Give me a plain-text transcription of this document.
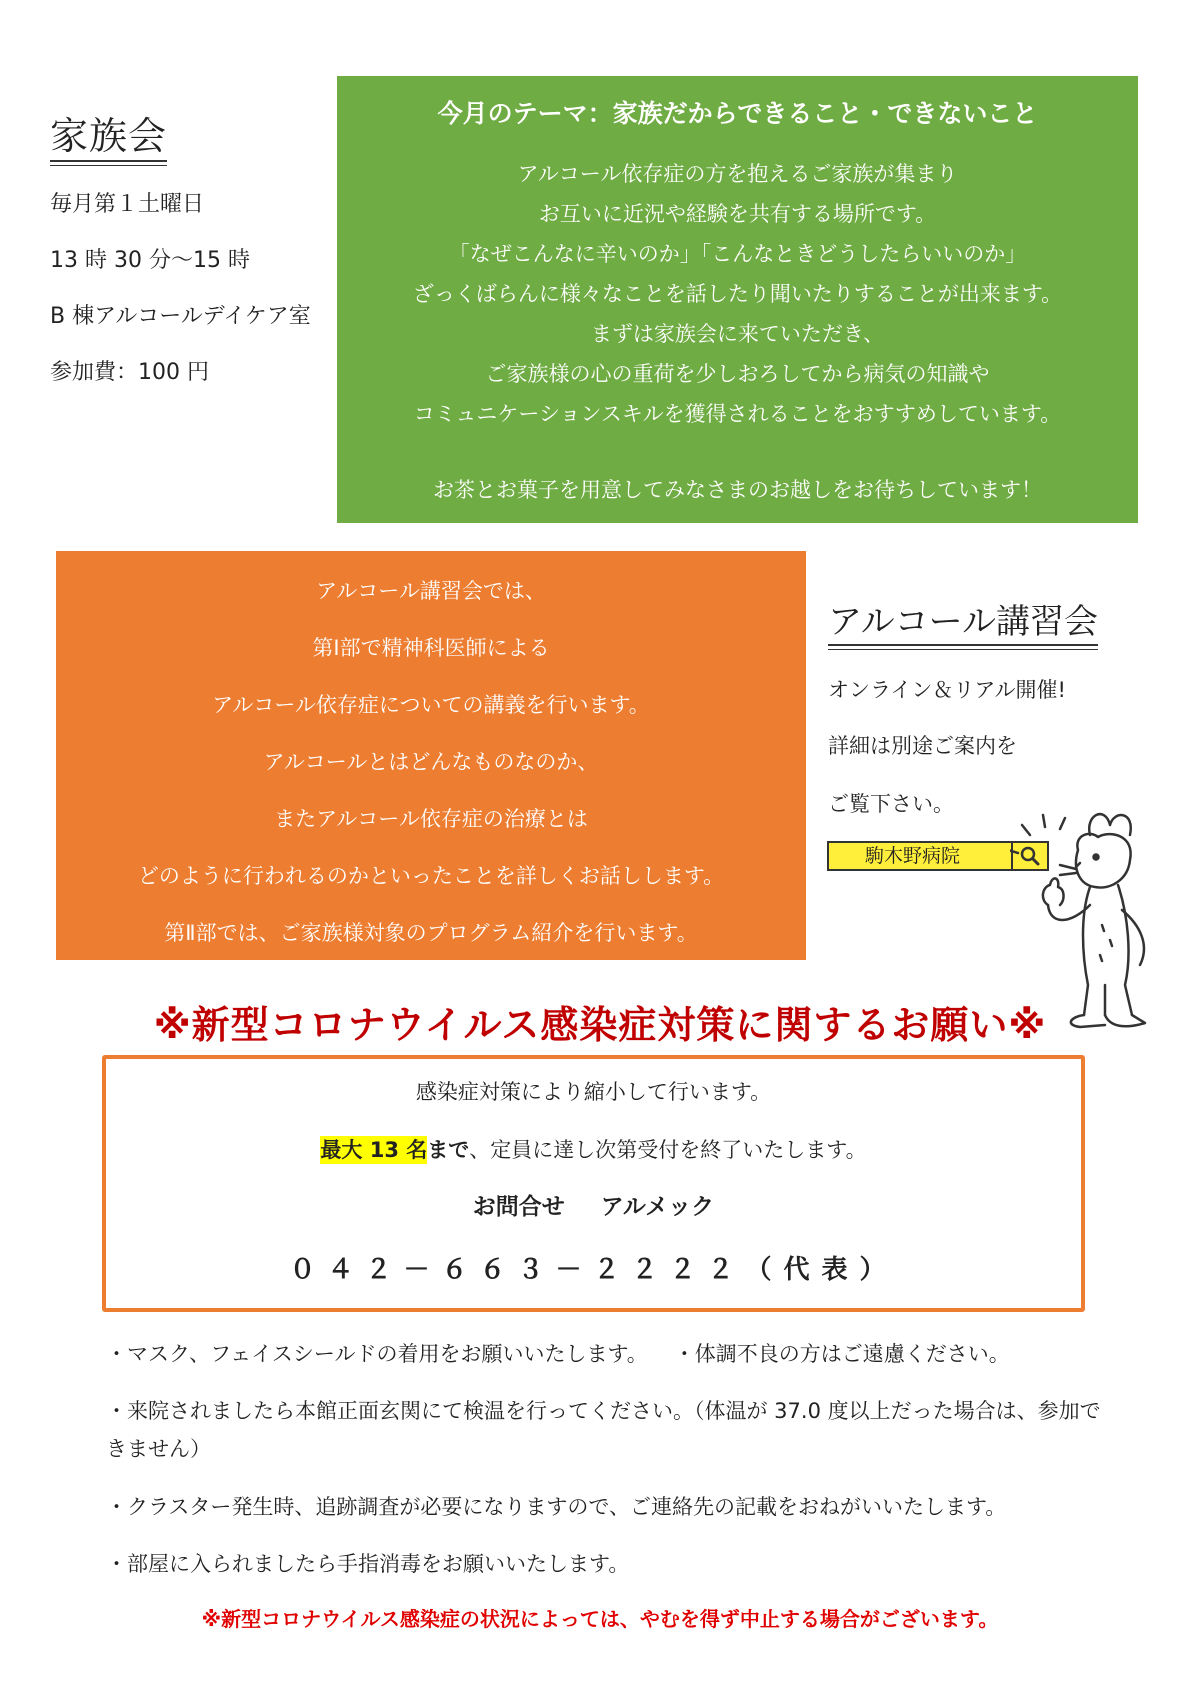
家族会
毎月第１土曜日
13 時 30 分～15 時
B 棟アルコールデイケア室
参加費：100 円
今月のテーマ：家族だからできること・できないこと
アルコール依存症の方を抱えるご家族が集まり
お互いに近況や経験を共有する場所です。
「なぜこんなに辛いのか」「こんなときどうしたらいいのか」
ざっくばらんに様々なことを話したり聞いたりすることが出来ます。
まずは家族会に来ていただき、
ご家族様の心の重荷を少しおろしてから病気の知識や
コミュニケーションスキルを獲得されることをおすすめしています。
お茶とお菓子を用意してみなさまのお越しをお待ちしています！
アルコール講習会では、
第Ⅰ部で精神科医師による
アルコール依存症についての講義を行います。
アルコールとはどんなものなのか、
またアルコール依存症の治療とは
どのように行われるのかといったことを詳しくお話しします。
第Ⅱ部では、ご家族様対象のプログラム紹介を行います。
アルコール講習会
オンライン＆リアル開催!
詳細は別途ご案内を
ご覧下さい。
駒木野病院
※新型コロナウイルス感染症対策に関するお願い※
感染症対策により縮小して行います。
最大 13 名まで、定員に達し次第受付を終了いたします。
お問合せ アルメック
０４２－６６３－２２２２（代表）
・マスク、フェイスシールドの着用をお願いいたします。 ・体調不良の方はご遠慮ください。
・来院されましたら本館正面玄関にて検温を行ってください。（体温が 37.0 度以上だった場合は、参加できません）
・クラスター発生時、追跡調査が必要になりますので、ご連絡先の記載をおねがいいたします。
・部屋に入られましたら手指消毒をお願いいたします。
※新型コロナウイルス感染症の状況によっては、やむを得ず中止する場合がございます。
